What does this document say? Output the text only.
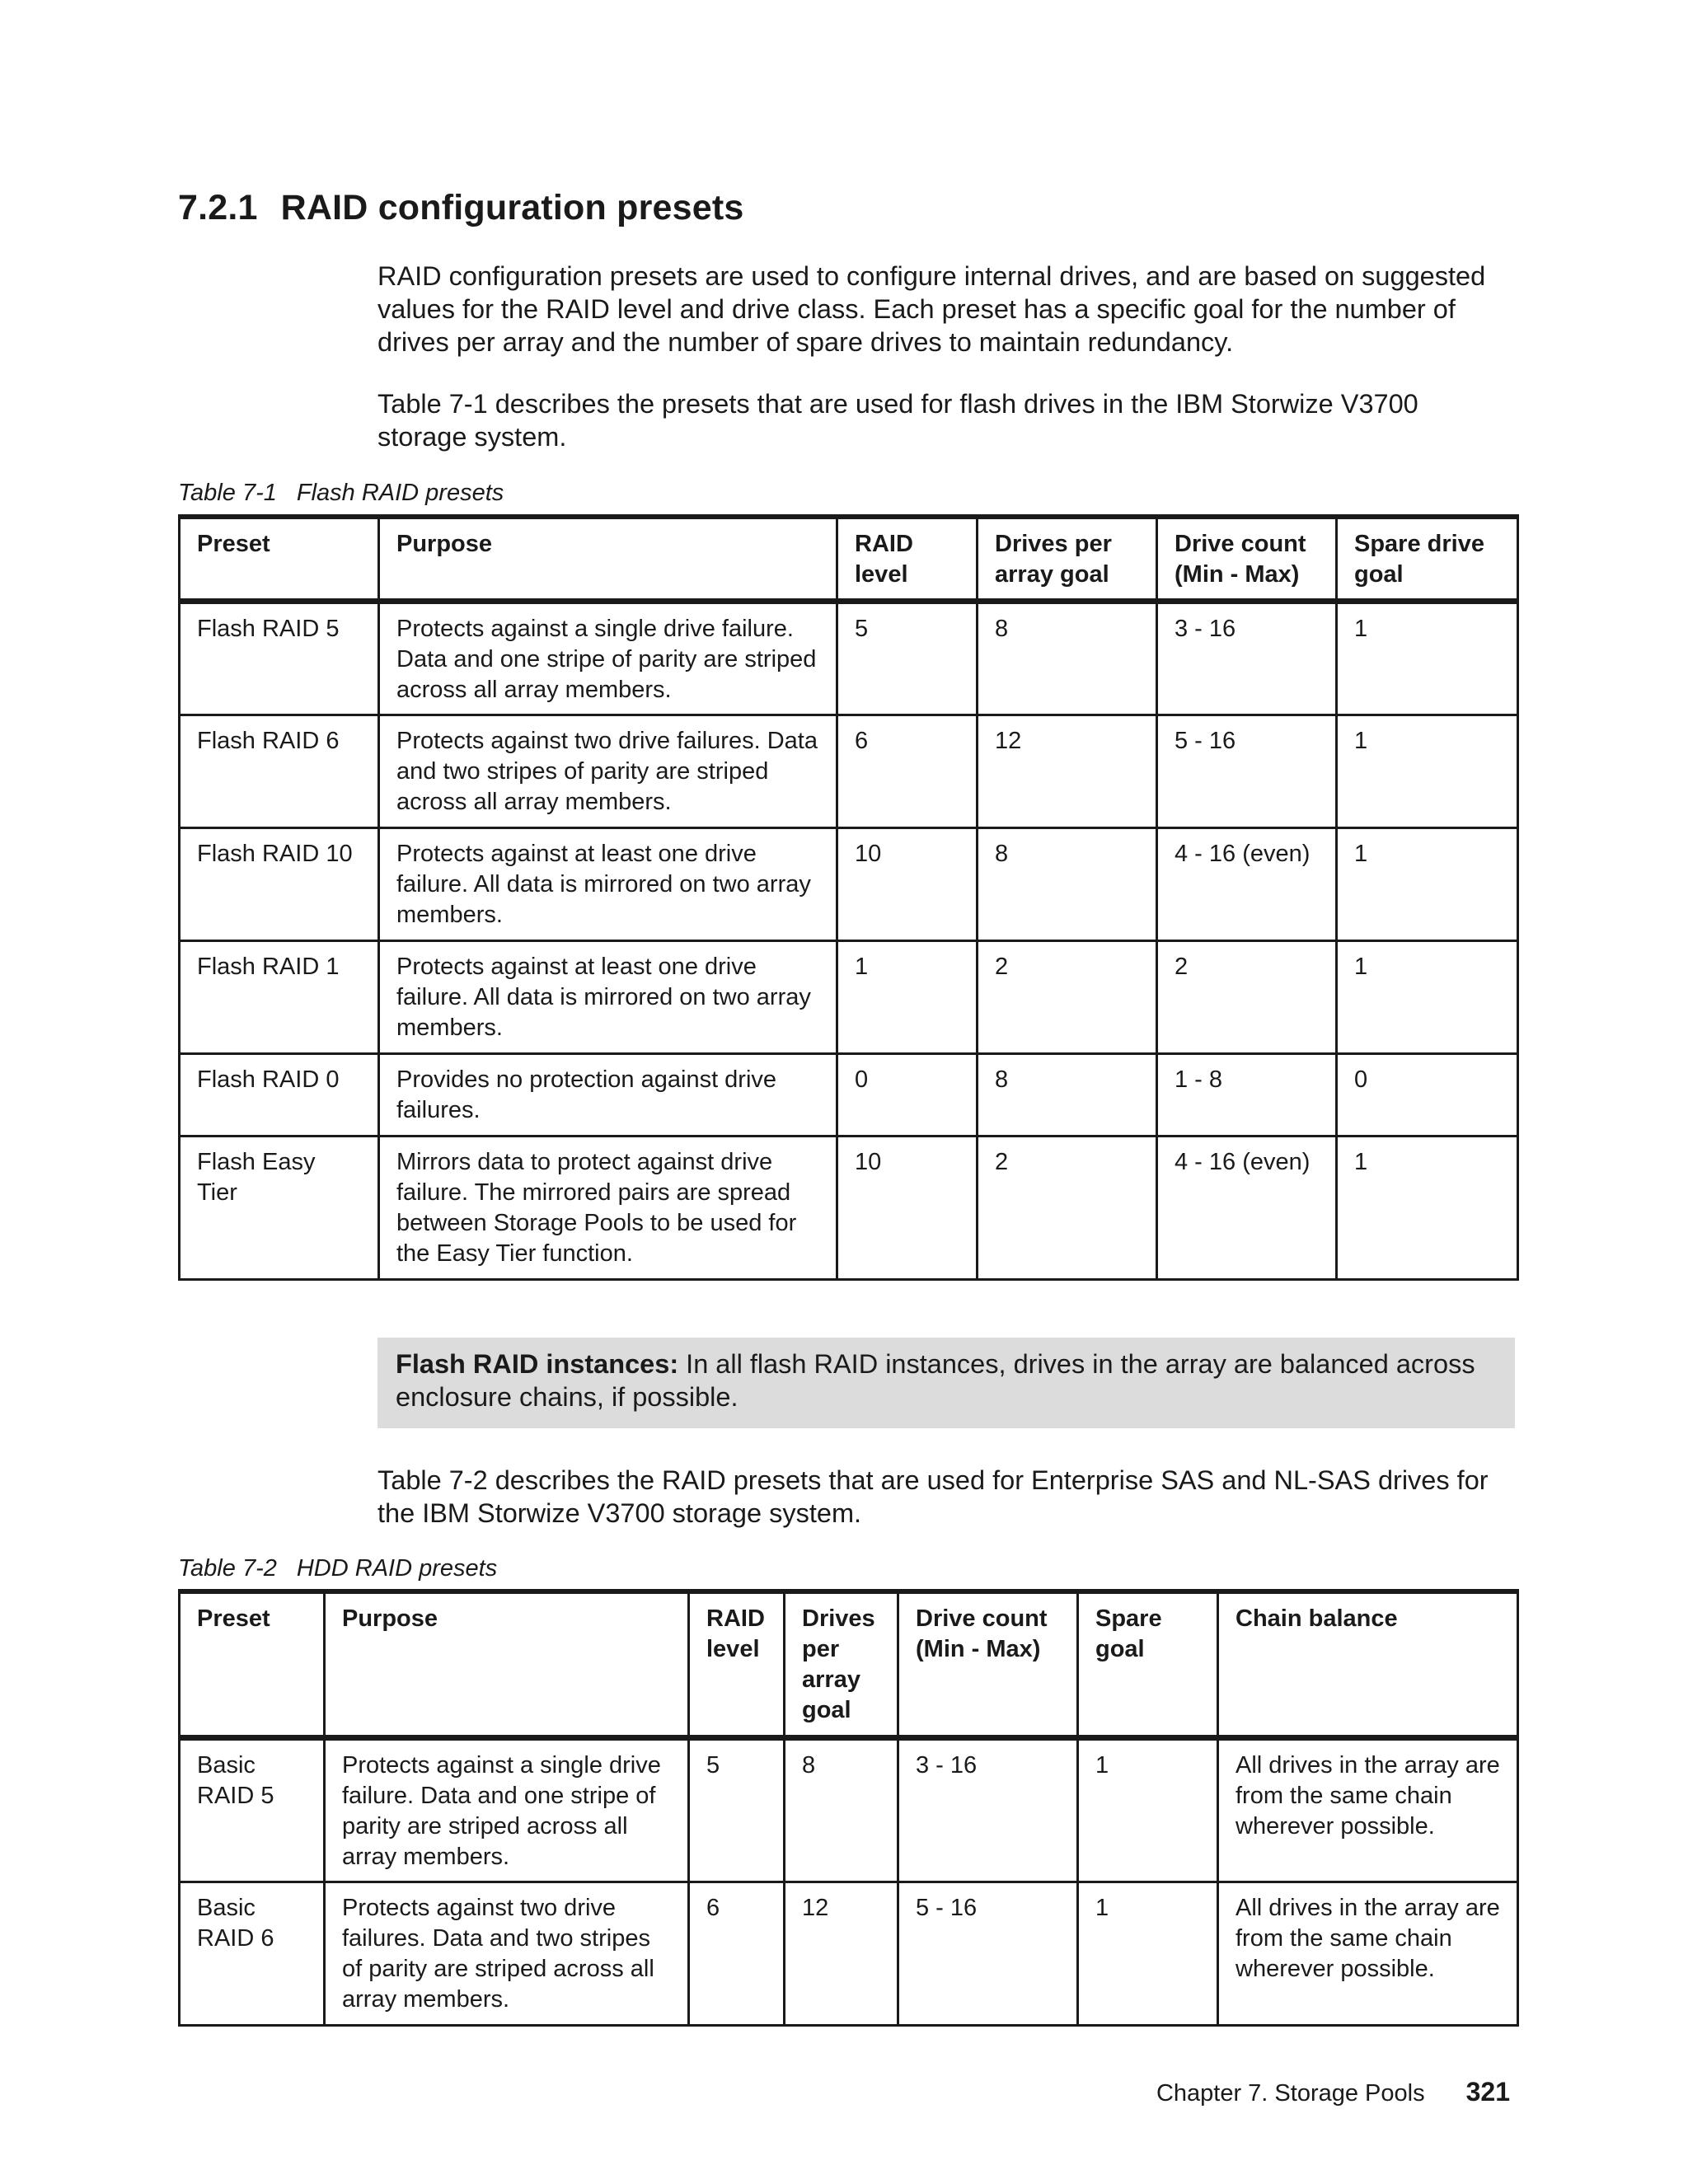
7.2.1 RAID configuration presets

RAID configuration presets are used to configure internal drives, and are based on suggested values for the RAID level and drive class. Each preset has a specific goal for the number of drives per array and the number of spare drives to maintain redundancy.

Table 7-1 describes the presets that are used for flash drives in the IBM Storwize V3700 storage system.

Table 7-1 Flash RAID presets

Preset	Purpose	RAID level	Drives per array goal	Drive count (Min - Max)	Spare drive goal
Flash RAID 5	Protects against a single drive failure. Data and one stripe of parity are striped across all array members.	5	8	3 - 16	1
Flash RAID 6	Protects against two drive failures. Data and two stripes of parity are striped across all array members.	6	12	5 - 16	1
Flash RAID 10	Protects against at least one drive failure. All data is mirrored on two array members.	10	8	4 - 16 (even)	1
Flash RAID 1	Protects against at least one drive failure. All data is mirrored on two array members.	1	2	2	1
Flash RAID 0	Provides no protection against drive failures.	0	8	1 - 8	0
Flash Easy Tier	Mirrors data to protect against drive failure. The mirrored pairs are spread between Storage Pools to be used for the Easy Tier function.	10	2	4 - 16 (even)	1
Flash RAID instances: In all flash RAID instances, drives in the array are balanced across enclosure chains, if possible.

Table 7-2 describes the RAID presets that are used for Enterprise SAS and NL-SAS drives for the IBM Storwize V3700 storage system.

Table 7-2 HDD RAID presets

Preset	Purpose	RAID level	Drives per array goal	Drive count (Min - Max)	Spare goal	Chain balance
Basic RAID 5	Protects against a single drive failure. Data and one stripe of parity are striped across all array members.	5	8	3 - 16	1	All drives in the array are from the same chain wherever possible.
Basic RAID 6	Protects against two drive failures. Data and two stripes of parity are striped across all array members.	6	12	5 - 16	1	All drives in the array are from the same chain wherever possible.
Chapter 7. Storage Pools 321
